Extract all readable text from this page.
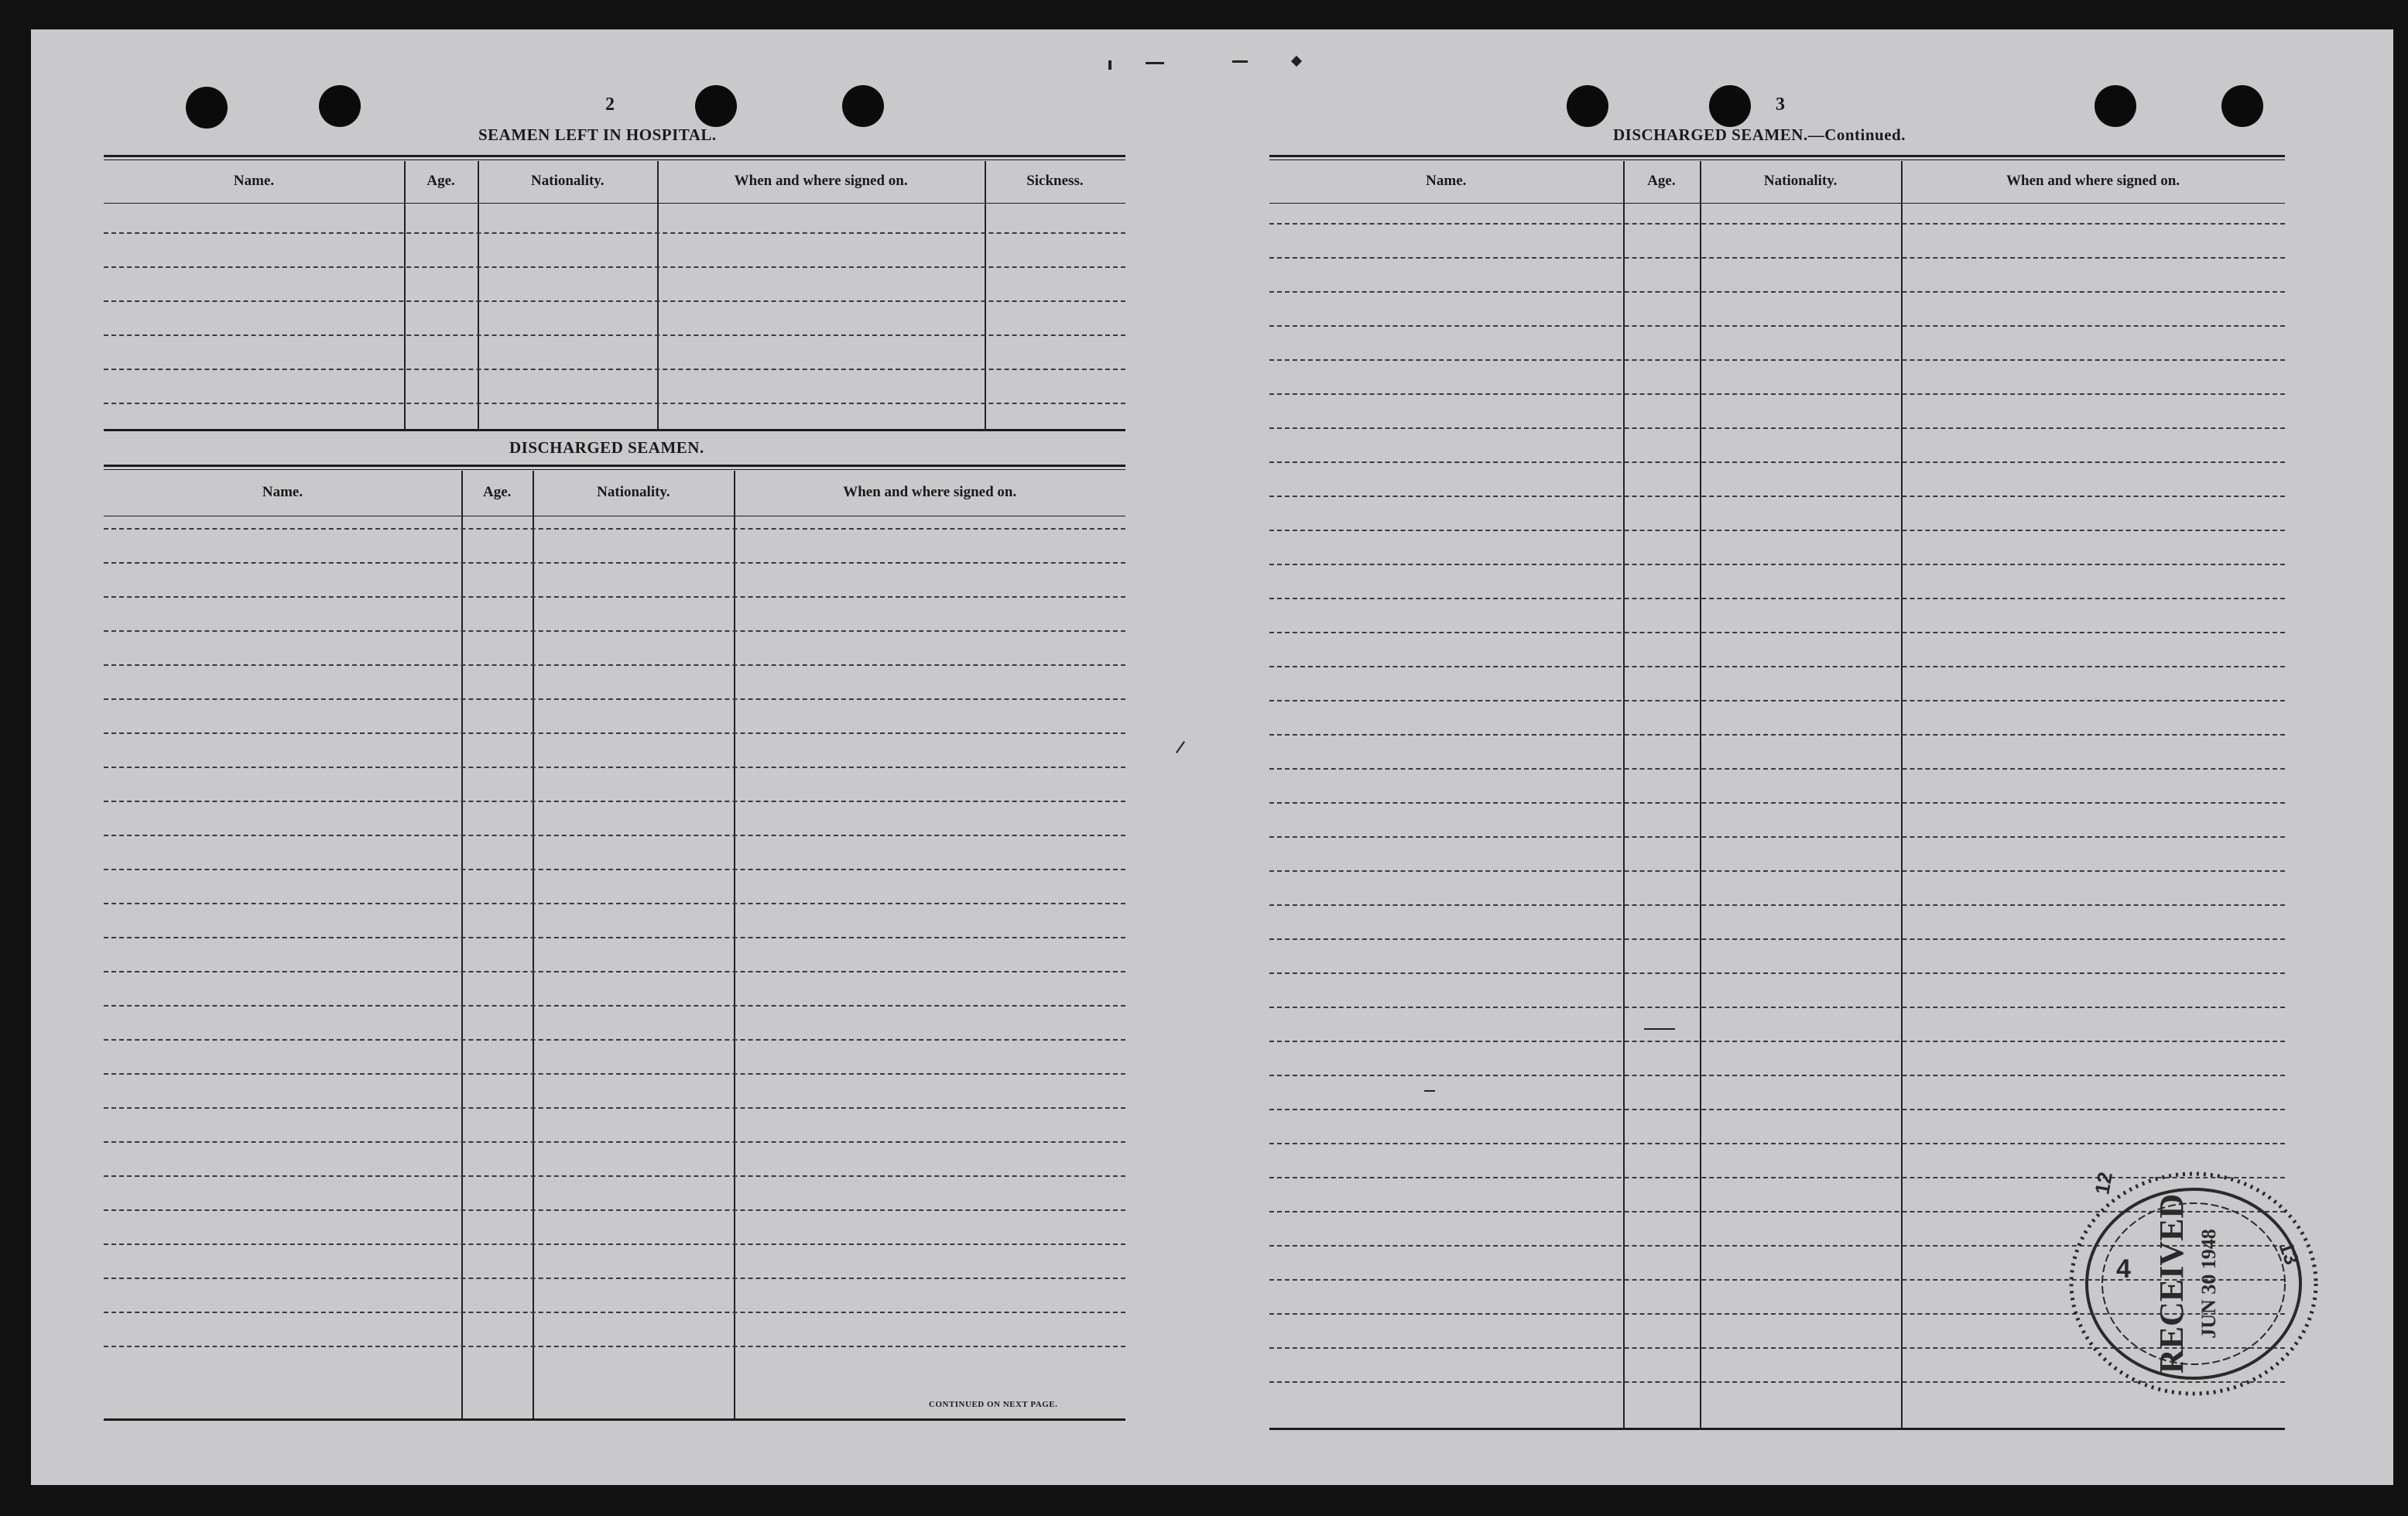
2
SEAMEN LEFT IN HOSPITAL.
Name.	Age.	Nationality.	When and where signed on.	Sickness.
DISCHARGED SEAMEN.
Name.	Age.	Nationality.	When and where signed on.
CONTINUED ON NEXT PAGE.
3
DISCHARGED SEAMEN.—Continued.
Name.	Age.	Nationality.	When and where signed on.
RECEIVED JUN 30 1948
12
13
4
